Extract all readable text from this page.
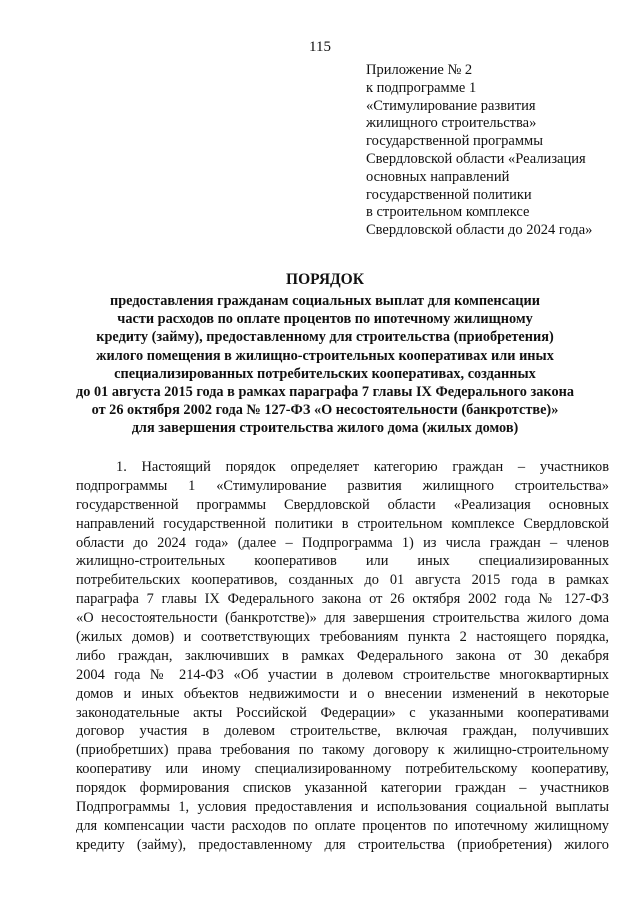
115
Приложение № 2
к подпрограмме 1
«Стимулирование развития
жилищного строительства»
государственной программы
Свердловской области «Реализация
основных направлений
государственной политики
в строительном комплексе
Свердловской области до 2024 года»
ПОРЯДОК
предоставления гражданам социальных выплат для компенсации
части расходов по оплате процентов по ипотечному жилищному
кредиту (займу), предоставленному для строительства (приобретения)
жилого помещения в жилищно-строительных кооперативах или иных
специализированных потребительских кооперативах, созданных
до 01 августа 2015 года в рамках параграфа 7 главы IX Федерального закона
от 26 октября 2002 года № 127-ФЗ «О несостоятельности (банкротстве)»
для завершения строительства жилого дома (жилых домов)
1. Настоящий порядок определяет категорию граждан – участников
подпрограммы 1 «Стимулирование развития жилищного строительства»
государственной программы Свердловской области «Реализация основных
направлений государственной политики в строительном комплексе Свердловской
области до 2024 года» (далее – Подпрограмма 1) из числа граждан – членов
жилищно-строительных кооперативов или иных специализированных
потребительских кооперативов, созданных до 01 августа 2015 года в рамках
параграфа 7 главы IX Федерального закона от 26 октября 2002 года № 127-ФЗ
«О несостоятельности (банкротстве)» для завершения строительства жилого дома
(жилых домов) и соответствующих требованиям пункта 2 настоящего порядка,
либо граждан, заключивших в рамках Федерального закона от 30 декабря
2004 года № 214-ФЗ «Об участии в долевом строительстве многоквартирных
домов и иных объектов недвижимости и о внесении изменений в некоторые
законодательные акты Российской Федерации» с указанными кооперативами
договор участия в долевом строительстве, включая граждан, получивших
(приобретших) права требования по такому договору к жилищно-строительному
кооперативу или иному специализированному потребительскому кооперативу,
порядок формирования списков указанной категории граждан – участников
Подпрограммы 1, условия предоставления и использования социальной выплаты
для компенсации части расходов по оплате процентов по ипотечному жилищному
кредиту (займу), предоставленному для строительства (приобретения) жилого
